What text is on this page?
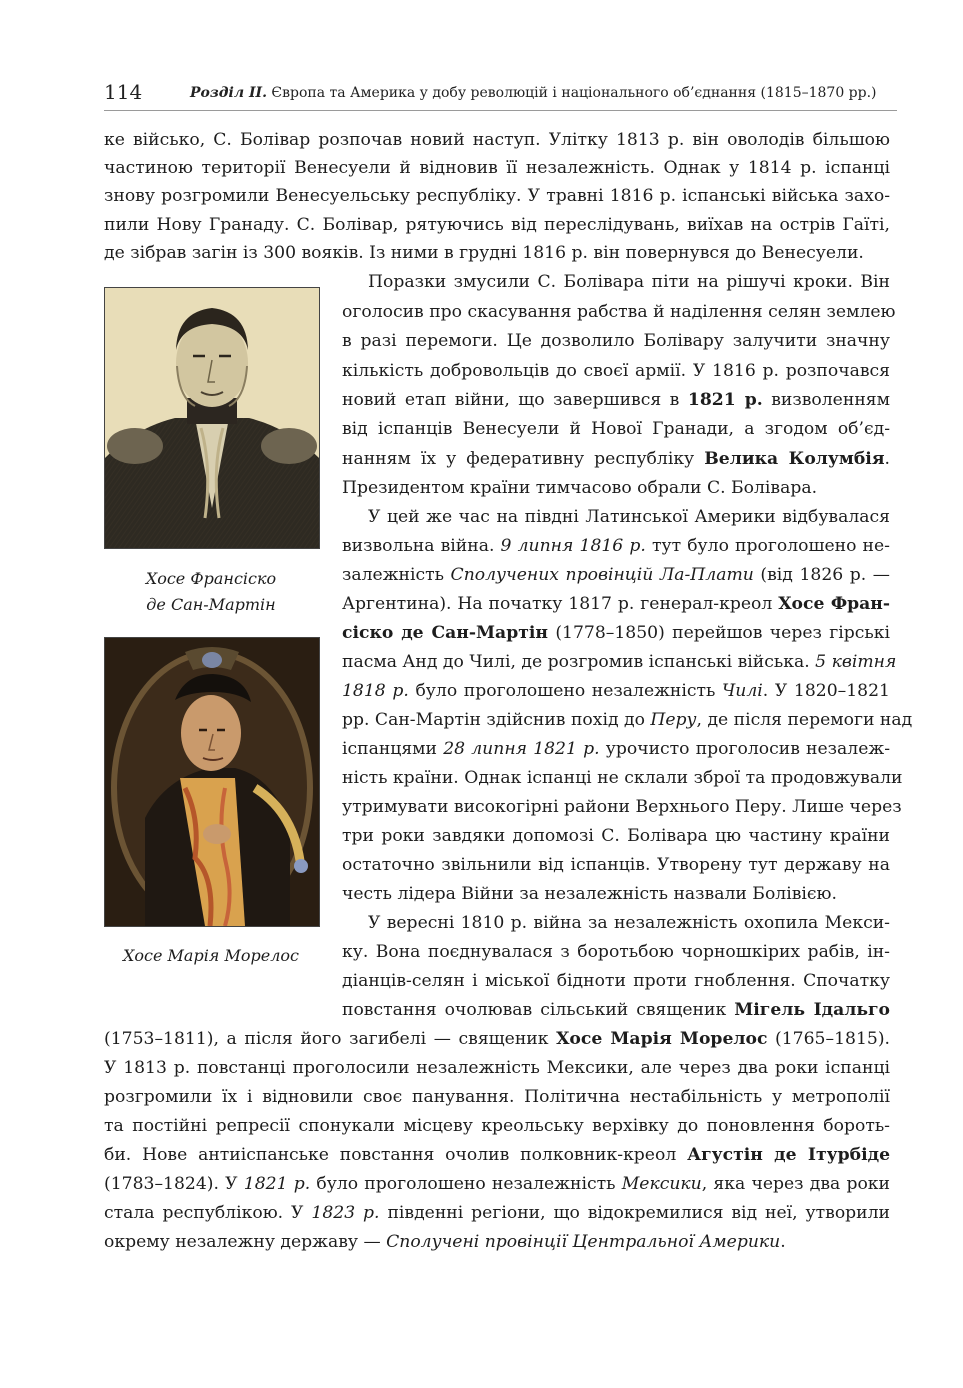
114	Розділ ІІ. Європа та Америка у добу революцій і національного об’єднання (1815–1870 рр.)
Хосе Франсіско
де Сан-Мартін
Хосе Марія Морелос
ке військо, С. Болівар розпочав новий наступ. Улітку 1813 р. він оволодів більшою
частиною території Венесуели й відновив її незалежність. Однак у 1814 р. іспанці
знову розгромили Венесуельську республіку. У травні 1816 р. іспанські війська захо-
пили Нову Гранаду. С. Болівар, рятуючись від переслідувань, виїхав на острів Гаїті,
де зібрав загін із 300 вояків. Із ними в грудні 1816 р. він повернувся до Венесуели.
Поразки змусили С. Болівара піти на рішучі кроки. Він
оголосив про скасування рабства й наділення селян землею
в разі перемоги. Це дозволило Болівару залучити значну
кількість добровольців до своєї армії. У 1816 р. розпочався
новий етап війни, що завершився в 1821 р. визволенням
від іспанців Венесуели й Нової Гранади, а згодом об’єд-
нанням їх у федеративну республіку Велика Колумбія.
Президентом країни тимчасово обрали С. Болівара.
У цей же час на півдні Латинської Америки відбувалася
визвольна війна. 9 липня 1816 р. тут було проголошено не-
залежність Сполучених провінцій Ла-Плати (від 1826 р. —
Аргентина). На початку 1817 р. генерал-креол Хосе Фран-
сіско де Сан-Мартін (1778–1850) перейшов через гірські
пасма Анд до Чилі, де розгромив іспанські війська. 5 квітня
1818 р. було проголошено незалежність Чилі. У 1820–1821
рр. Сан-Мартін здійснив похід до Перу, де після перемоги над
іспанцями 28 липня 1821 р. урочисто проголосив незалеж-
ність країни. Однак іспанці не склали зброї та продовжували
утримувати високогірні райони Верхнього Перу. Лише через
три роки завдяки допомозі С. Болівара цю частину країни
остаточно звільнили від іспанців. Утворену тут державу на
честь лідера Війни за незалежність назвали Болівією.
У вересні 1810 р. війна за незалежність охопила Мекси-
ку. Вона поєднувалася з боротьбою чорношкірих рабів, ін-
діанців-селян і міської бідноти проти гноблення. Спочатку
повстання очолював сільський священик Мігель Ідальго
(1753–1811), а після його загибелі — священик Хосе Марія Морелос (1765–1815).
У 1813 р. повстанці проголосили незалежність Мексики, але через два роки іспанці
розгромили їх і відновили своє панування. Політична нестабільність у метрополії
та постійні репресії спонукали місцеву креольську верхівку до поновлення бороть-
би. Нове антиіспанське повстання очолив полковник-креол Агустін де Ітурбіде
(1783–1824). У 1821 р. було проголошено незалежність Мексики, яка через два роки
стала республікою. У 1823 р. південні регіони, що відокремилися від неї, утворили
окрему незалежну державу — Сполучені провінції Центральної Америки.
